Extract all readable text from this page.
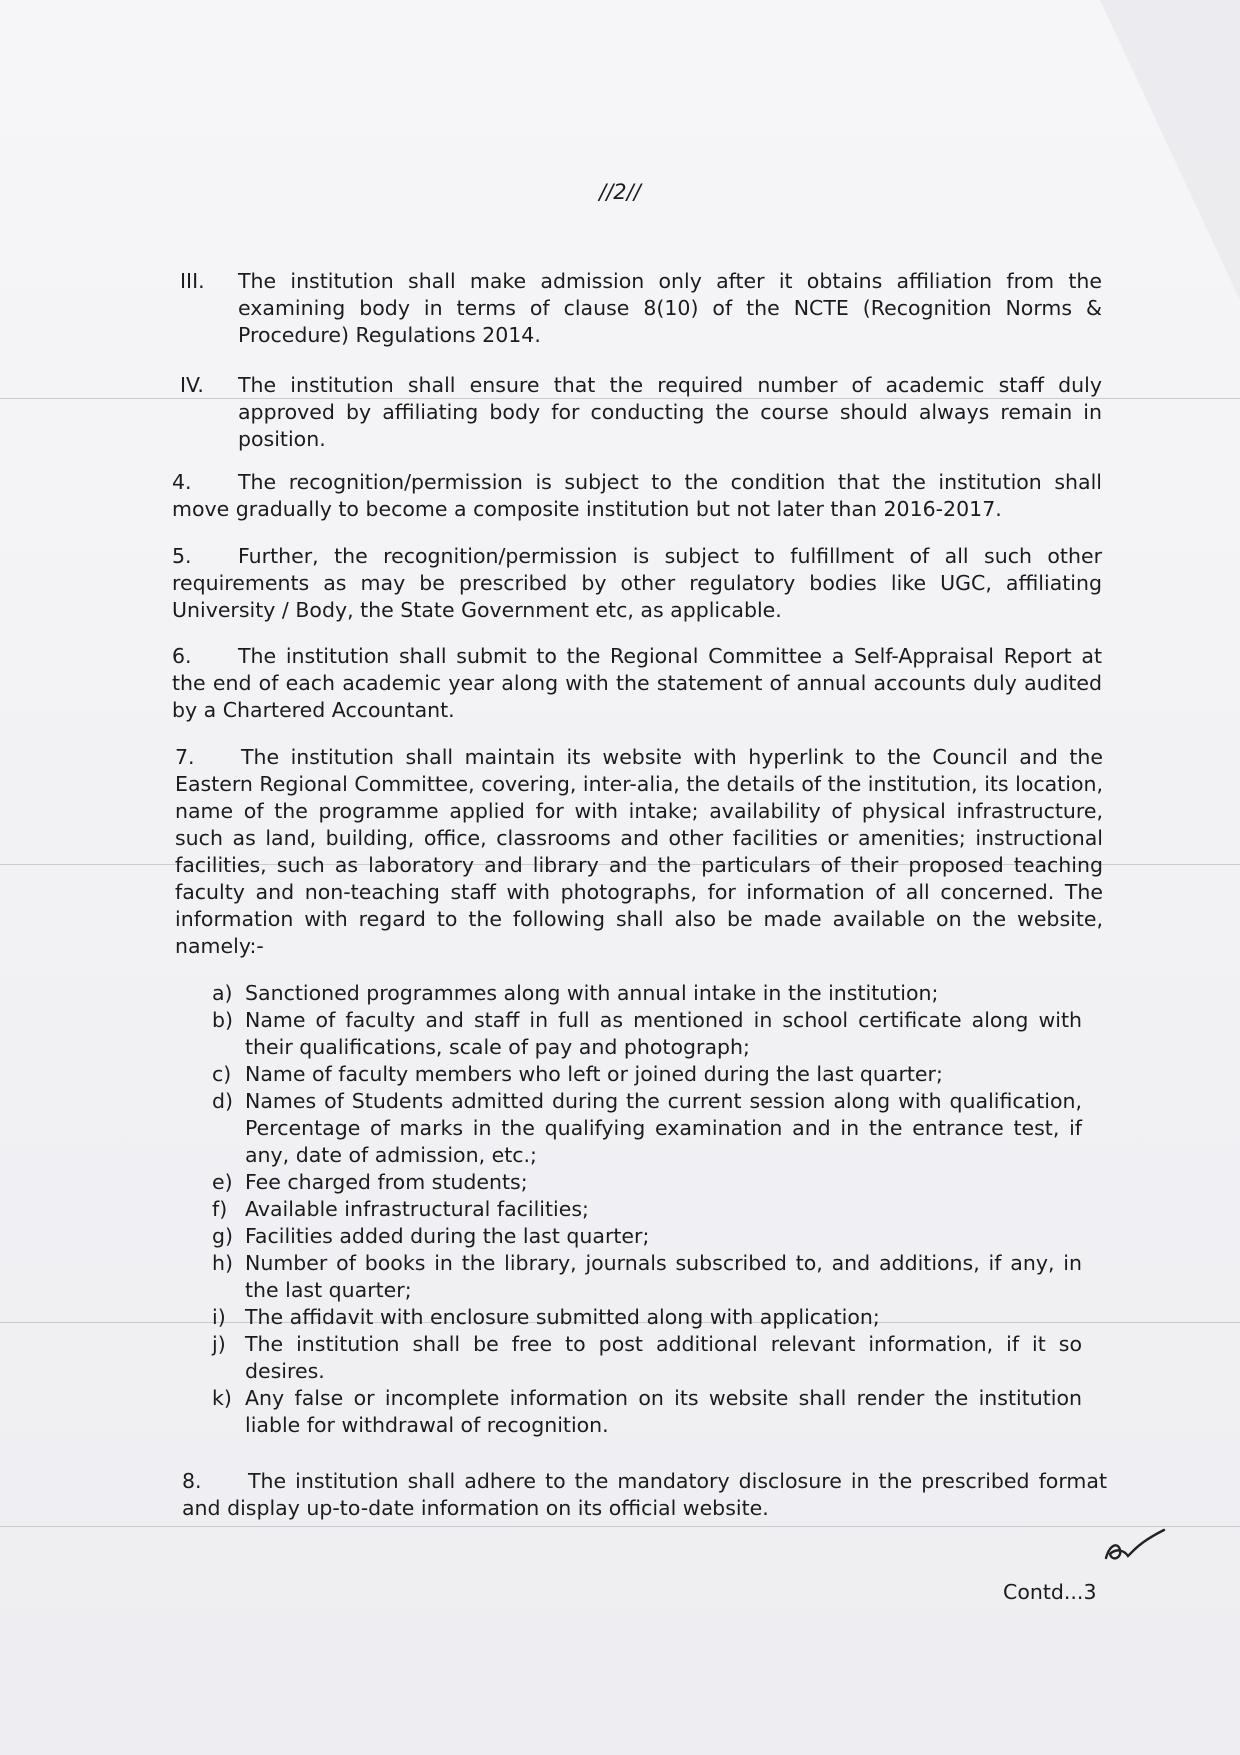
//2//
III. The institution shall make admission only after it obtains affiliation from the examining body in terms of clause 8(10) of the NCTE (Recognition Norms & Procedure) Regulations 2014.
IV. The institution shall ensure that the required number of academic staff duly approved by affiliating body for conducting the course should always remain in position.
4. The recognition/permission is subject to the condition that the institution shall move gradually to become a composite institution but not later than 2016-2017.
5. Further, the recognition/permission is subject to fulfillment of all such other requirements as may be prescribed by other regulatory bodies like UGC, affiliating University / Body, the State Government etc, as applicable.
6. The institution shall submit to the Regional Committee a Self-Appraisal Report at the end of each academic year along with the statement of annual accounts duly audited by a Chartered Accountant.
7. The institution shall maintain its website with hyperlink to the Council and the Eastern Regional Committee, covering, inter-alia, the details of the institution, its location, name of the programme applied for with intake; availability of physical infrastructure, such as land, building, office, classrooms and other facilities or amenities; instructional facilities, such as laboratory and library and the particulars of their proposed teaching faculty and non-teaching staff with photographs, for information of all concerned. The information with regard to the following shall also be made available on the website, namely:-
a) Sanctioned programmes along with annual intake in the institution;
b) Name of faculty and staff in full as mentioned in school certificate along with their qualifications, scale of pay and photograph;
c) Name of faculty members who left or joined during the last quarter;
d) Names of Students admitted during the current session along with qualification, Percentage of marks in the qualifying examination and in the entrance test, if any, date of admission, etc.;
e) Fee charged from students;
f) Available infrastructural facilities;
g) Facilities added during the last quarter;
h) Number of books in the library, journals subscribed to, and additions, if any, in the last quarter;
i) The affidavit with enclosure submitted along with application;
j) The institution shall be free to post additional relevant information, if it so desires.
k) Any false or incomplete information on its website shall render the institution liable for withdrawal of recognition.
8. The institution shall adhere to the mandatory disclosure in the prescribed format and display up-to-date information on its official website.
Contd...3
